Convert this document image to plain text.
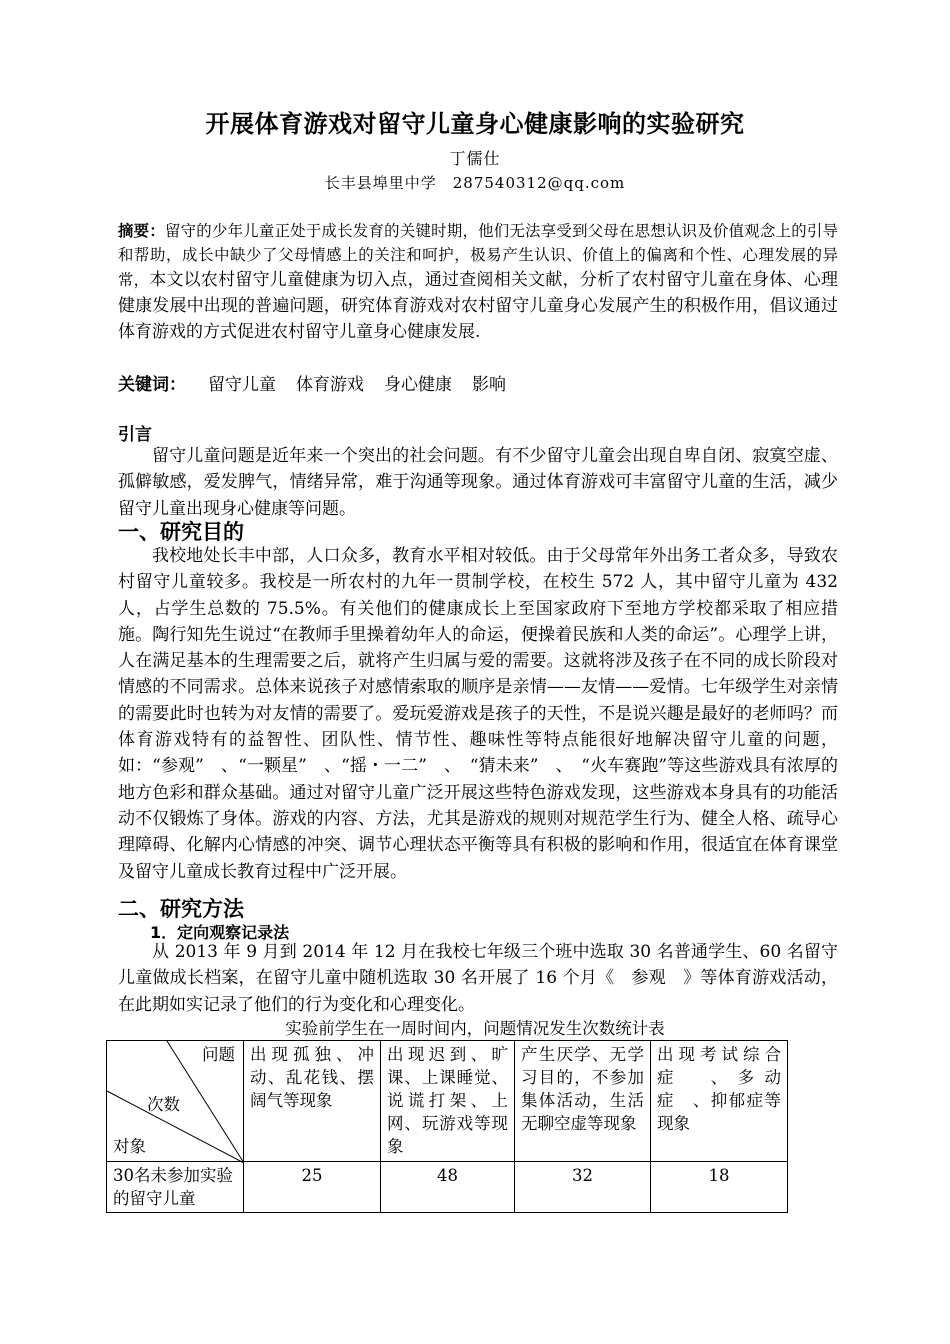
开展体育游戏对留守儿童身心健康影响的实验研究
丁儒仕
长丰县埠里中学　287540312@qq.com
摘要：留守的少年儿童正处于成长发育的关键时期，他们无法享受到父母在思想认识及价值观念上的引导和帮助，成长中缺少了父母情感上的关注和呵护，极易产生认识、价值上的偏离和个性、心理发展的异常，本文以农村留守儿童健康为切入点，通过查阅相关文献，分析了农村留守儿童在身体、心理健康发展中出现的普遍问题，研究体育游戏对农村留守儿童身心发展产生的积极作用，倡议通过体育游戏的方式促进农村留守儿童身心健康发展.
关键词： 留守儿童 体育游戏 身心健康 影响
引言
留守儿童问题是近年来一个突出的社会问题。有不少留守儿童会出现自卑自闭、寂寞空虚、孤僻敏感，爱发脾气，情绪异常，难于沟通等现象。通过体育游戏可丰富留守儿童的生活，减少留守儿童出现身心健康等问题。
一、研究目的
我校地处长丰中部，人口众多，教育水平相对较低。由于父母常年外出务工者众多，导致农村留守儿童较多。我校是一所农村的九年一贯制学校，在校生 572 人，其中留守儿童为 432 人，占学生总数的 75.5%。有关他们的健康成长上至国家政府下至地方学校都采取了相应措施。陶行知先生说过“在教师手里操着幼年人的命运，便操着民族和人类的命运”。心理学上讲，人在满足基本的生理需要之后，就将产生归属与爱的需要。这就将涉及孩子在不同的成长阶段对情感的不同需求。总体来说孩子对感情索取的顺序是亲情——友情——爱情。七年级学生对亲情的需要此时也转为对友情的需要了。爱玩爱游戏是孩子的天性，不是说兴趣是最好的老师吗？而体育游戏特有的益智性、团队性、情节性、趣味性等特点能很好地解决留守儿童的问题，如：“参观”　、“一颗星”　、“摇・一二”　、　“猜未来”　、　“火车赛跑”等这些游戏具有浓厚的地方色彩和群众基础。通过对留守儿童广泛开展这些特色游戏发现，这些游戏本身具有的功能活动不仅锻炼了身体。游戏的内容、方法，尤其是游戏的规则对规范学生行为、健全人格、疏导心理障碍、化解内心情感的冲突、调节心理状态平衡等具有积极的影响和作用，很适宜在体育课堂及留守儿童成长教育过程中广泛开展。
二、研究方法
1．定向观察记录法
从 2013 年 9 月到 2014 年 12 月在我校七年级三个班中选取 30 名普通学生、60 名留守儿童做成长档案，在留守儿童中随机选取 30 名开展了 16 个月《　参观　》等体育游戏活动，在此期如实记录了他们的行为变化和心理变化。
实验前学生在一周时间内，问题情况发生次数统计表
问题
次数
对象	出现孤独、冲动、乱花钱、摆阔气等现象	出现迟到、旷课、上课睡觉、说谎打架、上网、玩游戏等现象	产生厌学、无学习目的，不参加集体活动，生活无聊空虚等现象	出现考试综合症　、多动症　、抑郁症等现象
30名未参加实验的留守儿童	25	48	32	18
